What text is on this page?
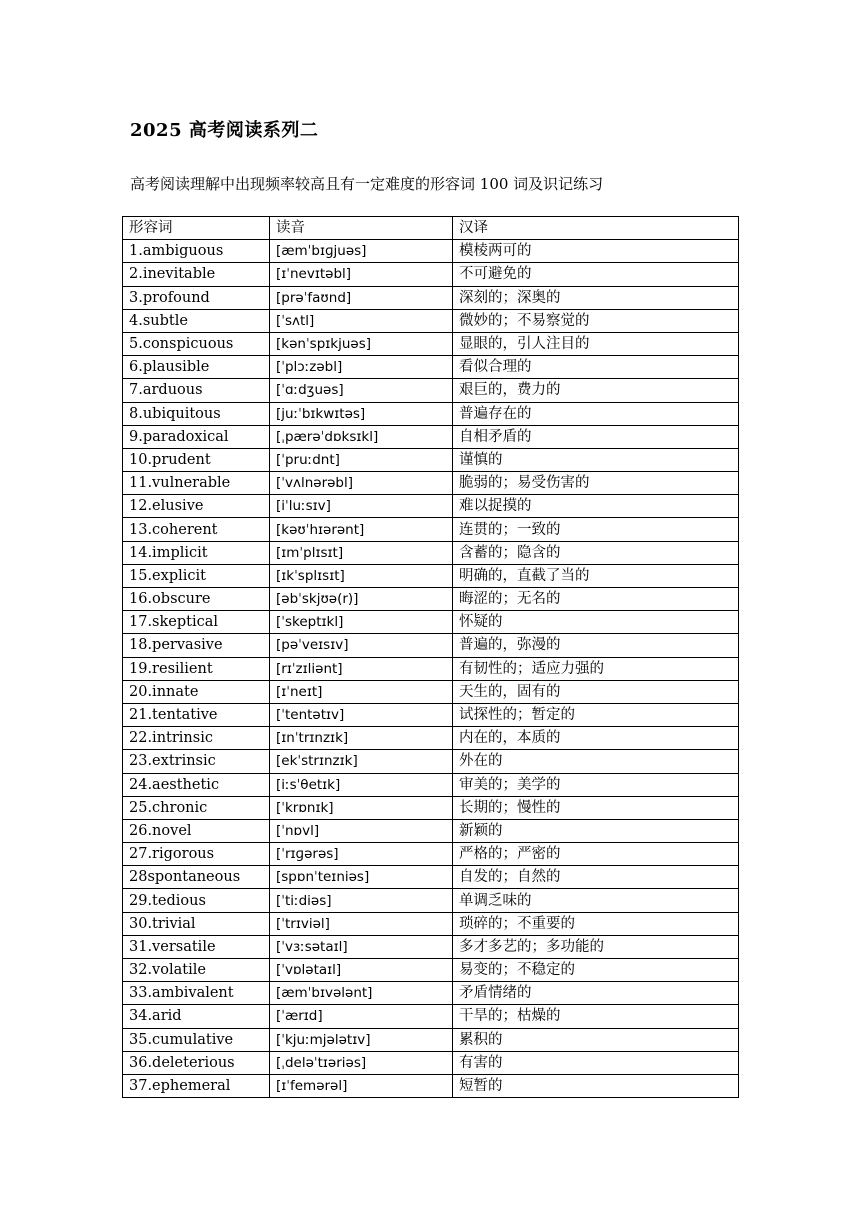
2025 高考阅读系列二
高考阅读理解中出现频率较高且有一定难度的形容词 100 词及识记练习
形容词	读音	汉译
1.ambiguous	[æmˈbɪɡjuəs]	模棱两可的
2.inevitable	[ɪˈnevɪtəbl]	不可避免的
3.profound	[prəˈfaʊnd]	深刻的；深奥的
4.subtle	[ˈsʌtl]	微妙的；不易察觉的
5.conspicuous	[kənˈspɪkjuəs]	显眼的，引人注目的
6.plausible	[ˈplɔːzəbl]	看似合理的
7.arduous	[ˈɑːdʒuəs]	艰巨的，费力的
8.ubiquitous	[juːˈbɪkwɪtəs]	普遍存在的
9.paradoxical	[ˌpærəˈdɒksɪkl]	自相矛盾的
10.prudent	[ˈpruːdnt]	谨慎的
11.vulnerable	[ˈvʌlnərəbl]	脆弱的；易受伤害的
12.elusive	[iˈluːsɪv]	难以捉摸的
13.coherent	[kəʊˈhɪərənt]	连贯的；一致的
14.implicit	[ɪmˈplɪsɪt]	含蓄的；隐含的
15.explicit	[ɪkˈsplɪsɪt]	明确的，直截了当的
16.obscure	[əbˈskjʊə(r)]	晦涩的；无名的
17.skeptical	[ˈskeptɪkl]	怀疑的
18.pervasive	[pəˈveɪsɪv]	普遍的，弥漫的
19.resilient	[rɪˈzɪliənt]	有韧性的；适应力强的
20.innate	[ɪˈneɪt]	天生的，固有的
21.tentative	[ˈtentətɪv]	试探性的；暂定的
22.intrinsic	[ɪnˈtrɪnzɪk]	内在的，本质的
23.extrinsic	[ekˈstrɪnzɪk]	外在的
24.aesthetic	[iːsˈθetɪk]	审美的；美学的
25.chronic	[ˈkrɒnɪk]	长期的；慢性的
26.novel	[ˈnɒvl]	新颖的
27.rigorous	[ˈrɪɡərəs]	严格的；严密的
28spontaneous	[spɒnˈteɪniəs]	自发的；自然的
29.tedious	[ˈtiːdiəs]	单调乏味的
30.trivial	[ˈtrɪviəl]	琐碎的；不重要的
31.versatile	[ˈvɜːsətaɪl]	多才多艺的；多功能的
32.volatile	[ˈvɒlətaɪl]	易变的；不稳定的
33.ambivalent	[æmˈbɪvələnt]	矛盾情绪的
34.arid	[ˈærɪd]	干旱的；枯燥的
35.cumulative	[ˈkjuːmjələtɪv]	累积的
36.deleterious	[ˌdeləˈtɪəriəs]	有害的
37.ephemeral	[ɪˈfemərəl]	短暂的
